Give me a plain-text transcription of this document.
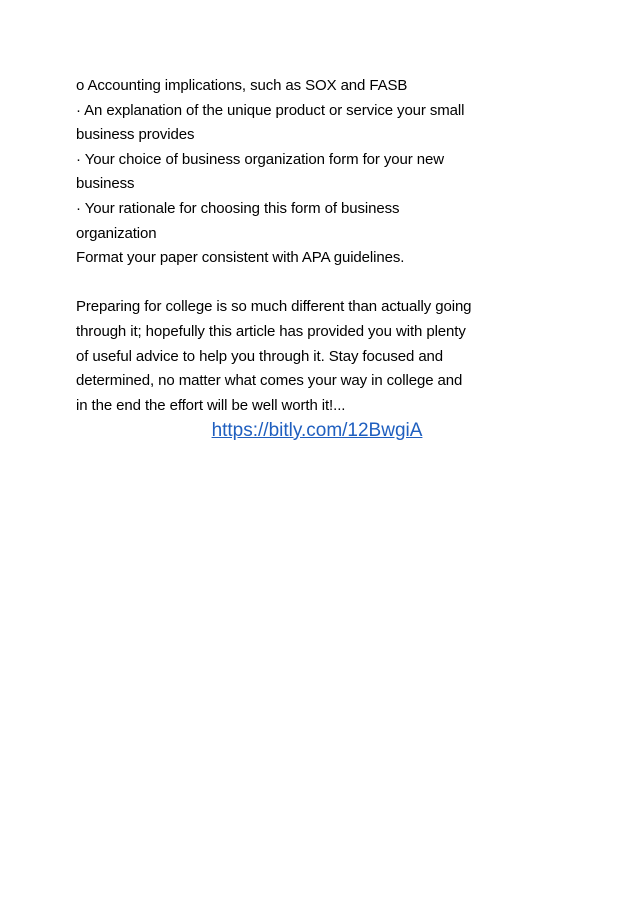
o Accounting implications, such as SOX and FASB
· An explanation of the unique product or service your small
business provides
· Your choice of business organization form for your new
business
· Your rationale for choosing this form of business
organization
Format your paper consistent with APA guidelines.
Preparing for college is so much different than actually going
through it; hopefully this article has provided you with plenty
of useful advice to help you through it. Stay focused and
determined, no matter what comes your way in college and
in the end the effort will be well worth it!...
https://bitly.com/12BwgiA
